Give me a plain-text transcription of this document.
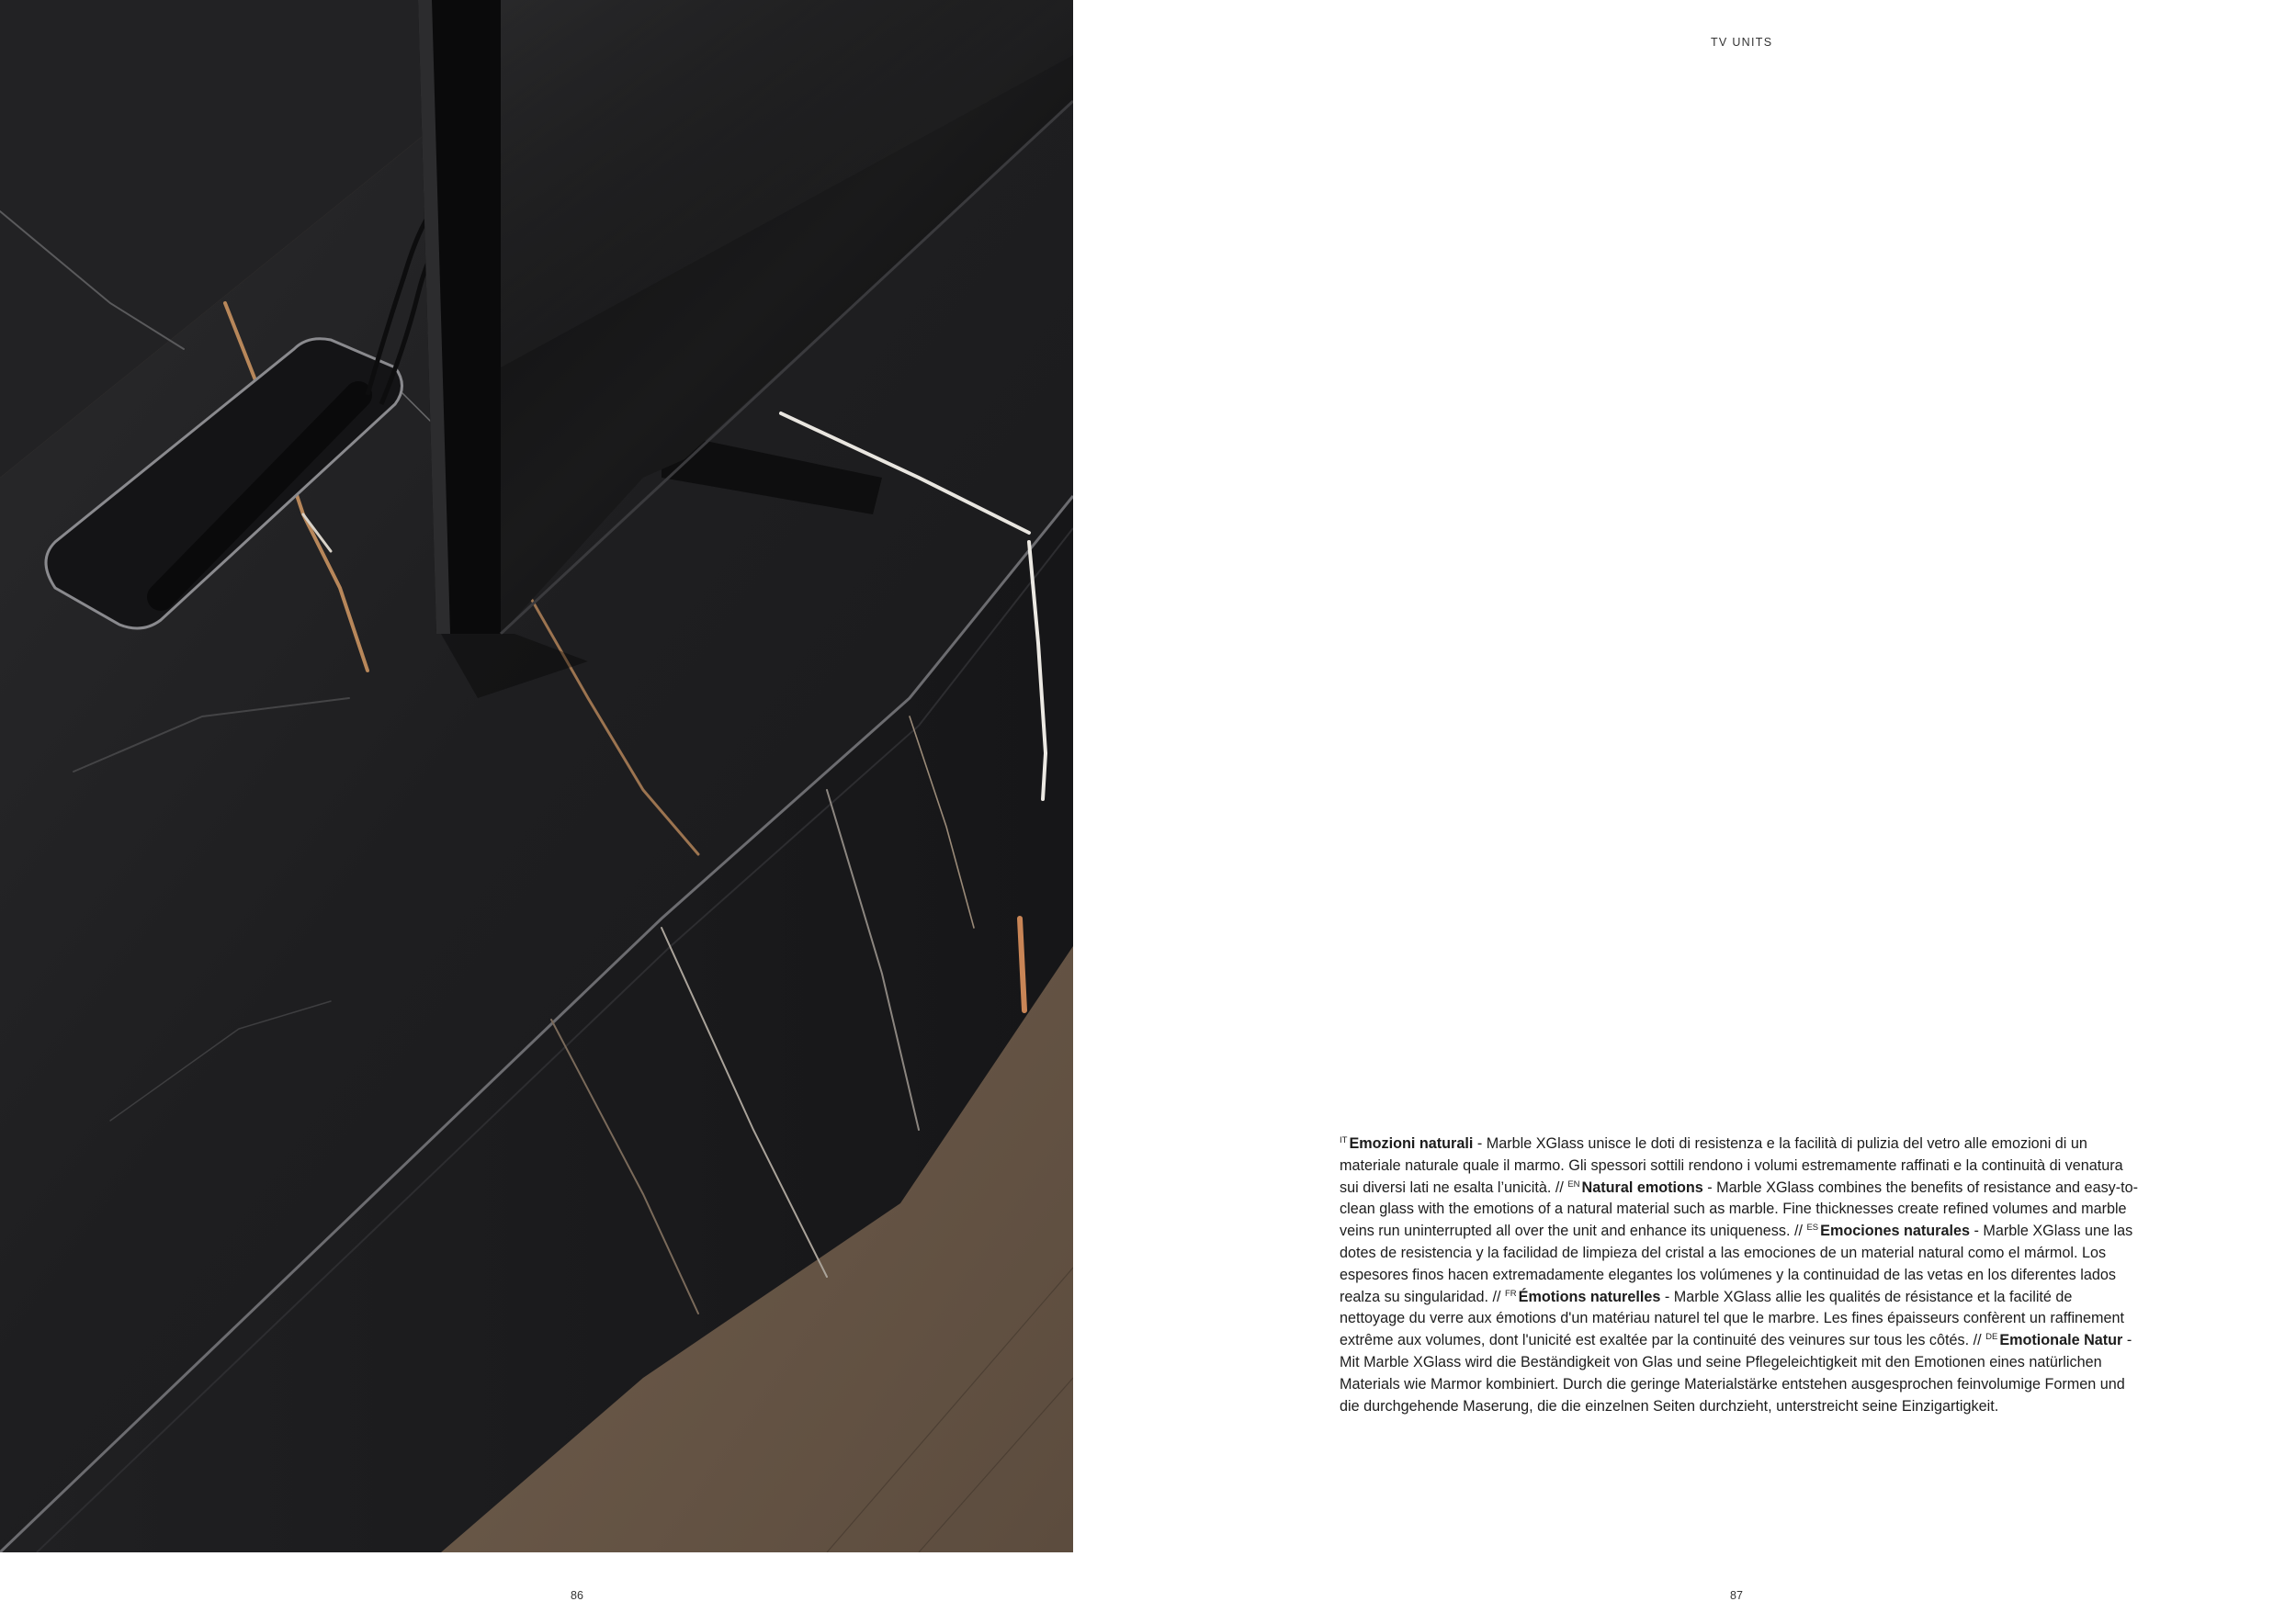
TV UNITS
$^{IT}$ Emozioni naturali - Marble XGlass unisce le doti di resistenza e la facilità di pulizia del vetro alle emozioni di un materiale naturale quale il marmo. Gli spessori sottili rendono i volumi estremamente raffinati e la continuità di venatura sui diversi lati ne esalta l’unicità. // $^{EN}$ Natural emotions - Marble XGlass combines the benefits of resistance and easy-to-clean glass with the emotions of a natural material such as marble. Fine thicknesses create refined volumes and marble veins run uninterrupted all over the unit and enhance its uniqueness. // $^{ES}$ Emociones naturales - Marble XGlass une las dotes de resistencia y la facilidad de limpieza del cristal a las emociones de un material natural como el mármol. Los espesores finos hacen extremadamente elegantes los volúmenes y la continuidad de las vetas en los diferentes lados realza su singularidad. // $^{FR}$ Émotions naturelles - Marble XGlass allie les qualités de résistance et la facilité de nettoyage du verre aux émotions d'un matériau naturel tel que le marbre. Les fines épaisseurs confèrent un raffinement extrême aux volumes, dont l'unicité est exaltée par la continuité des veinures sur tous les côtés. // $^{DE}$ Emotionale Natur - Mit Marble XGlass wird die Beständigkeit von Glas und seine Pflegeleichtigkeit mit den Emotionen eines natürlichen Materials wie Marmor kombiniert. Durch die geringe Materialstärke entstehen ausgesprochen feinvolumige Formen und die durchgehende Maserung, die die einzelnen Seiten durchzieht, unterstreicht seine Einzigartigkeit.
86	87
